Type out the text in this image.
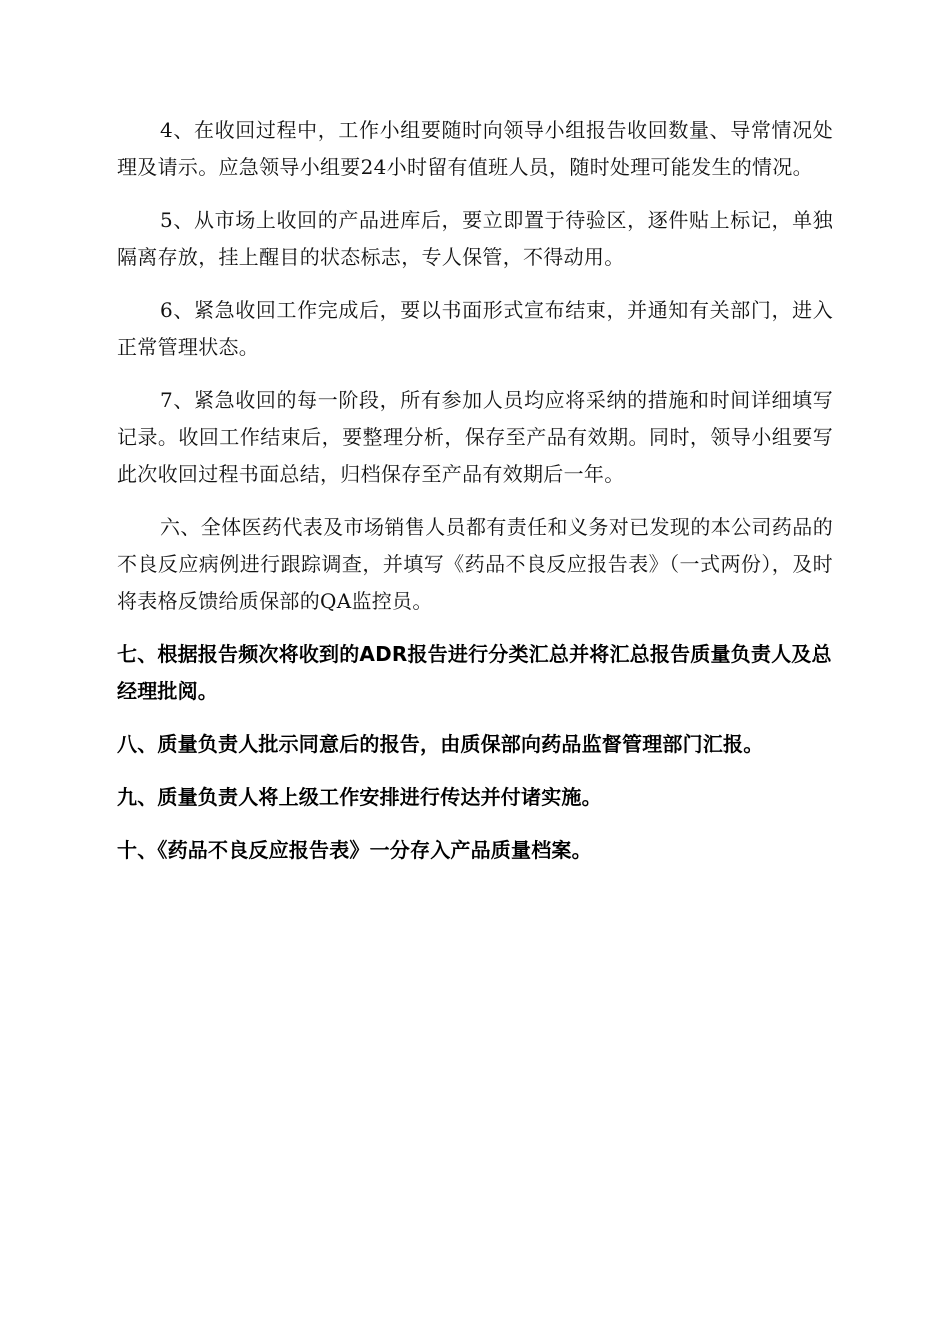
4、在收回过程中，工作小组要随时向领导小组报告收回数量、导常情况处理及请示。应急领导小组要24小时留有值班人员，随时处理可能发生的情况。

5、从市场上收回的产品进库后，要立即置于待验区，逐件贴上标记，单独隔离存放，挂上醒目的状态标志，专人保管，不得动用。

6、紧急收回工作完成后，要以书面形式宣布结束，并通知有关部门，进入正常管理状态。

7、紧急收回的每一阶段，所有参加人员均应将采纳的措施和时间详细填写记录。收回工作结束后，要整理分析，保存至产品有效期。同时，领导小组要写此次收回过程书面总结，归档保存至产品有效期后一年。

六、全体医药代表及市场销售人员都有责任和义务对已发现的本公司药品的不良反应病例进行跟踪调查，并填写《药品不良反应报告表》（一式两份），及时将表格反馈给质保部的QA监控员。

七、根据报告频次将收到的ADR报告进行分类汇总并将汇总报告质量负责人及总经理批阅。

八、质量负责人批示同意后的报告，由质保部向药品监督管理部门汇报。

九、质量负责人将上级工作安排进行传达并付诸实施。

十、《药品不良反应报告表》一分存入产品质量档案。
